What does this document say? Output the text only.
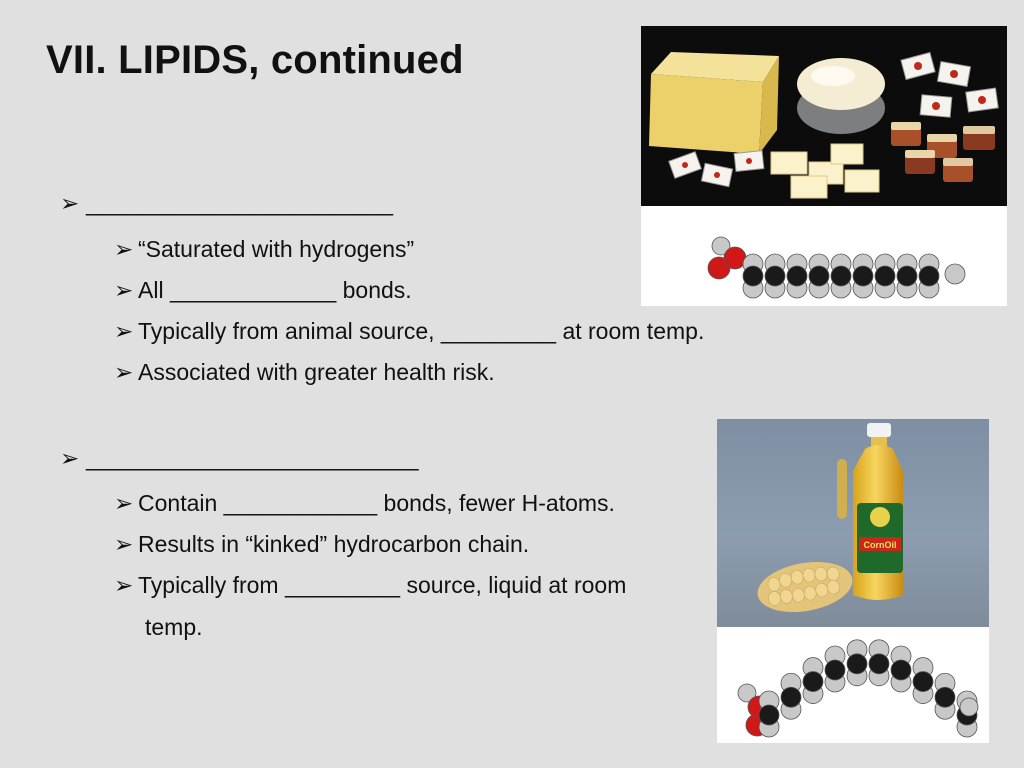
VII. LIPIDS, continued
➢ ________________________
➢ “Saturated with hydrogens”
➢ All _____________ bonds.
➢ Typically from animal source, _________ at room temp.
➢ Associated with greater health risk.
➢ __________________________
➢ Contain ____________ bonds, fewer H-atoms.
➢ Results in “kinked” hydrocarbon chain.
➢ Typically from _________ source, liquid at room
temp.
CornOil
